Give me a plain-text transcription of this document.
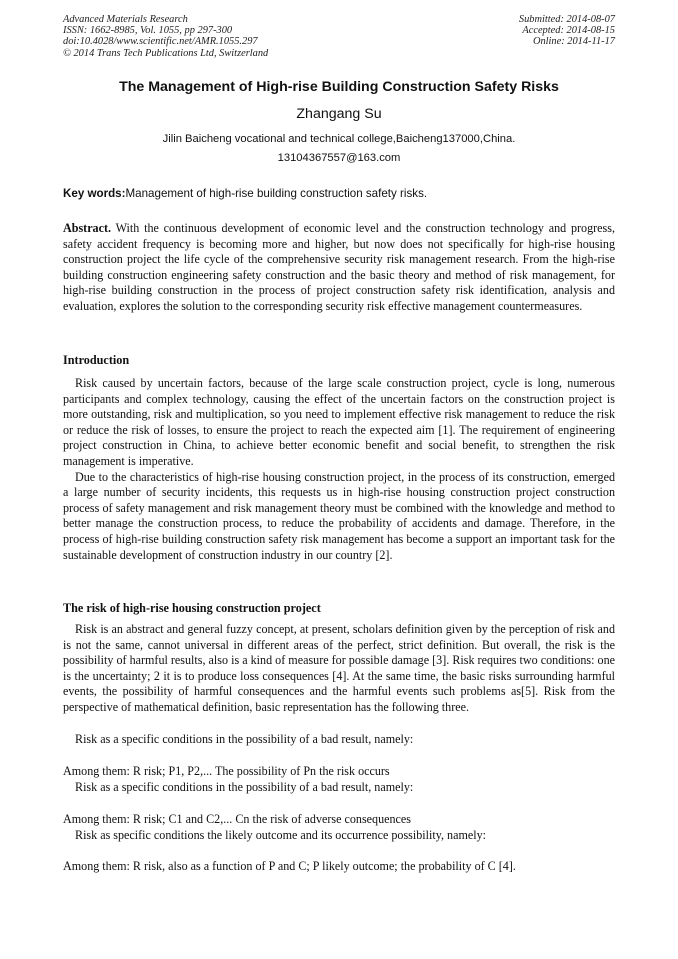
Advanced Materials Research
ISSN: 1662-8985, Vol. 1055, pp 297-300
doi:10.4028/www.scientific.net/AMR.1055.297
© 2014 Trans Tech Publications Ltd, Switzerland
Submitted: 2014-08-07
Accepted: 2014-08-15
Online: 2014-11-17
The Management of High-rise Building Construction Safety Risks
Zhangang Su
Jilin Baicheng vocational and technical college,Baicheng137000,China.
13104367557@163.com
Key words:Management of high-rise building construction safety risks.

Abstract. With the continuous development of economic level and the construction technology and progress, safety accident frequency is becoming more and higher, but now does not specifically for high-rise housing construction project the life cycle of the comprehensive security risk management research. From the high-rise building construction engineering safety construction and the basic theory and method of risk management, for high-rise building construction in the process of project construction safety risk identification, analysis and evaluation, explores the solution to the corresponding security risk effective management countermeasures.

Introduction

Risk caused by uncertain factors, because of the large scale construction project, cycle is long, numerous participants and complex technology, causing the effect of the uncertain factors on the construction project is more outstanding, risk and multiplication, so you need to implement effective risk management to reduce the risk or reduce the risk of losses, to ensure the project to reach the expected aim [1]. The requirement of engineering project construction in China, to achieve better economic benefit and social benefit, to strengthen the risk management is imperative.

Due to the characteristics of high-rise housing construction project, in the process of its construction, emerged a large number of security incidents, this requests us in high-rise housing construction project construction process of safety management and risk management theory must be combined with the knowledge and method to better manage the construction process, to reduce the probability of accidents and damage. Therefore, in the process of high-rise building construction safety risk management has become a support an important task for the sustainable development of construction industry in our country [2].

The risk of high-rise housing construction project

Risk is an abstract and general fuzzy concept, at present, scholars definition given by the perception of risk and is not the same, cannot universal in different areas of the perfect, strict definition. But overall, the risk is the possibility of harmful results, also is a kind of measure for possible damage [3]. Risk requires two conditions: one is the uncertainty; 2 it is to produce loss consequences [4]. At the same time, the basic risks surrounding harmful events, the possibility of harmful consequences and the harmful events such problems as[5]. Risk from the perspective of mathematical definition, basic representation has the following three.

Risk as a specific conditions in the possibility of a bad result, namely:
Among them: R risk; P1, P2,... The possibility of Pn the risk occurs
Risk as a specific conditions in the possibility of a bad result, namely:
Among them: R risk; C1 and C2,... Cn the risk of adverse consequences
Risk as specific conditions the likely outcome and its occurrence possibility, namely:
Among them: R risk, also as a function of P and C; P likely outcome; the probability of C [4].
